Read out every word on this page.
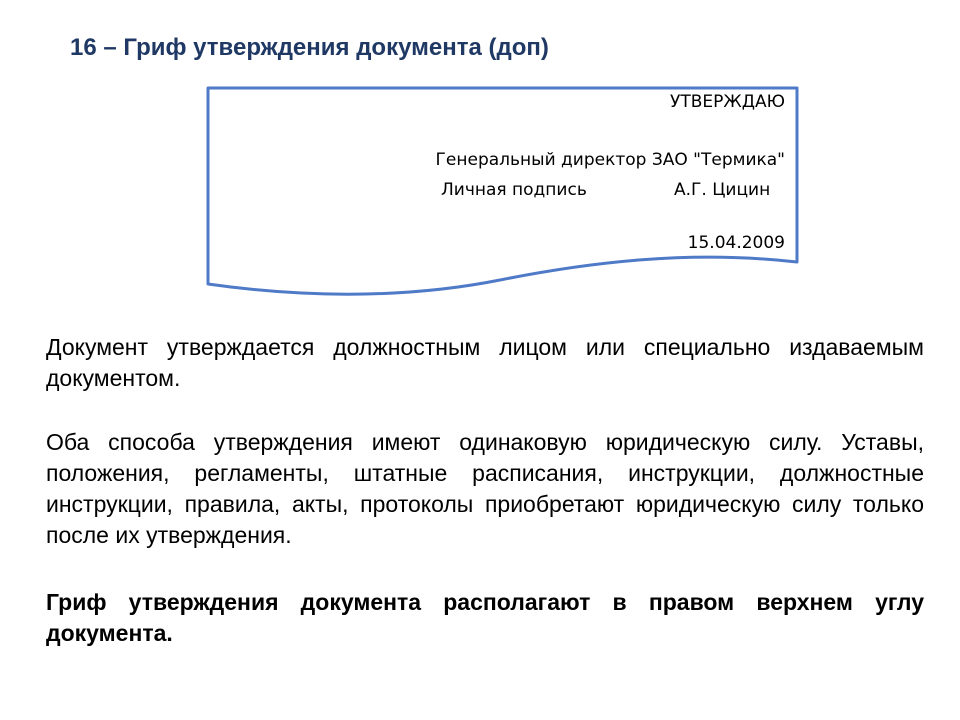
16 – Гриф утверждения документа (доп)
УТВЕРЖДАЮ
Генеральный директор ЗАО "Термика"
Личная подпись	А.Г. Цицин
15.04.2009
Документ утверждается должностным лицом или специально издаваемым документом.
Оба способа утверждения имеют одинаковую юридическую силу. Уставы, положения, регламенты, штатные расписания, инструкции, должностные инструкции, правила, акты, протоколы приобретают юридическую силу только после их утверждения.
Гриф утверждения документа располагают в правом верхнем углу документа.
